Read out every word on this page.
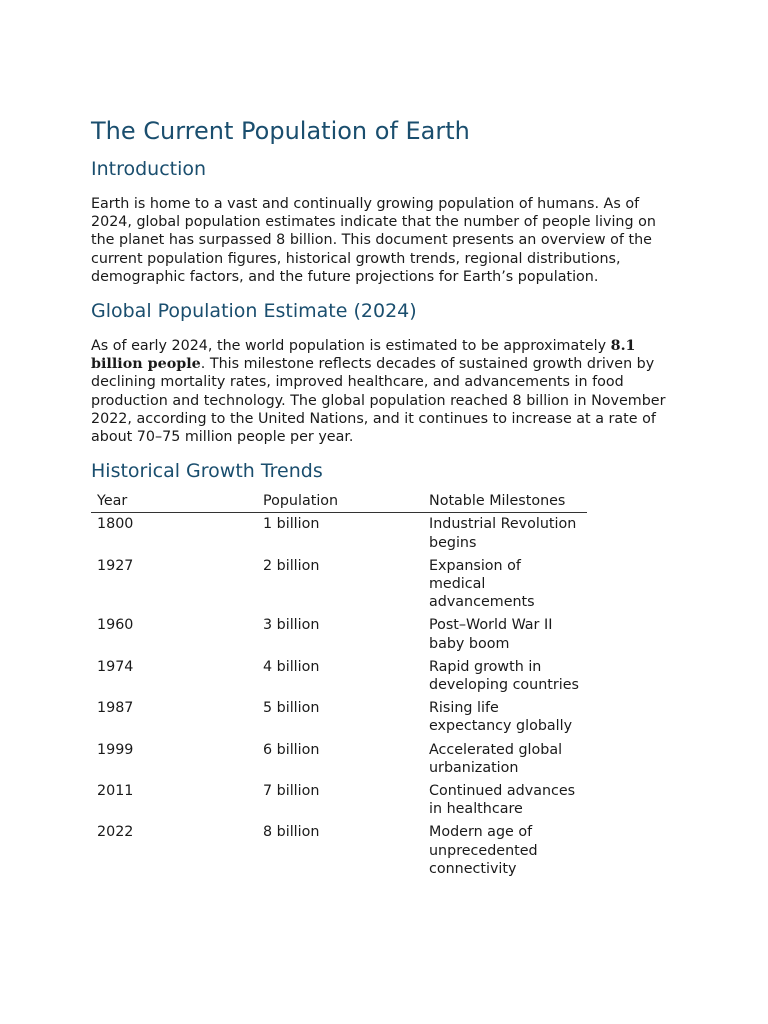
The Current Population of Earth
Introduction

Earth is home to a vast and continually growing population of humans. As of 2024, global population estimates indicate that the number of people living on the planet has surpassed 8 billion. This document presents an overview of the current population figures, historical growth trends, regional distributions, demographic factors, and the future projections for Earth’s population.

Global Population Estimate (2024)

As of early 2024, the world population is estimated to be approximately 8.1 billion people. This milestone reflects decades of sustained growth driven by declining mortality rates, improved healthcare, and advancements in food production and technology. The global population reached 8 billion in November 2022, according to the United Nations, and it continues to increase at a rate of about 70–75 million people per year.

Historical Growth Trends
Year	Population	Notable Milestones
1800	1 billion	Industrial Revolution begins
1927	2 billion	Expansion of medical advancements
1960	3 billion	Post–World War II baby boom
1974	4 billion	Rapid growth in developing countries
1987	5 billion	Rising life expectancy globally
1999	6 billion	Accelerated global urbanization
2011	7 billion	Continued advances in healthcare
2022	8 billion	Modern age of unprecedented connectivity
